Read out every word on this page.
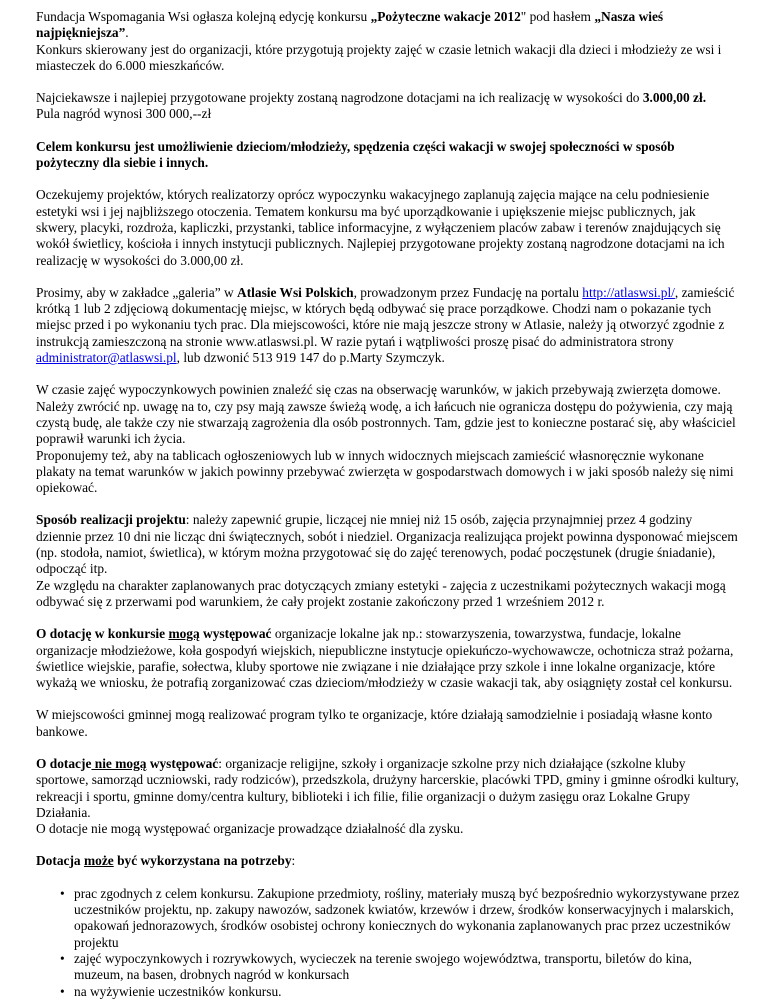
Fundacja Wspomagania Wsi ogłasza kolejną edycję konkursu „Pożyteczne wakacje 2012" pod hasłem „Nasza wieś najpiękniejsza”.
Konkurs skierowany jest do organizacji, które przygotują projekty zajęć w czasie letnich wakacji dla dzieci i młodzieży ze wsi i miasteczek do 6.000 mieszkańców.

Najciekawsze i najlepiej przygotowane projekty zostaną nagrodzone dotacjami na ich realizację w wysokości do 3.000,00 zł.
Pula nagród wynosi 300 000,--zł

Celem konkursu jest umożliwienie dzieciom/młodzieży, spędzenia części wakacji w swojej społeczności w sposób pożyteczny dla siebie i innych.

Oczekujemy projektów, których realizatorzy oprócz wypoczynku wakacyjnego zaplanują zajęcia mające na celu podniesienie estetyki wsi i jej najbliższego otoczenia. Tematem konkursu ma być uporządkowanie i upiększenie miejsc publicznych, jak skwery, placyki, rozdroża, kapliczki, przystanki, tablice informacyjne, z wyłączeniem placów zabaw i terenów znajdujących się wokół świetlicy, kościoła i innych instytucji publicznych. Najlepiej przygotowane projekty zostaną nagrodzone dotacjami na ich realizację w wysokości do 3.000,00 zł.

Prosimy, aby w zakładce „galeria” w Atlasie Wsi Polskich, prowadzonym przez Fundację na portalu http://atlaswsi.pl/, zamieścić krótką 1 lub 2 zdjęciową dokumentację miejsc, w których będą odbywać się prace porządkowe. Chodzi nam o pokazanie tych miejsc przed i po wykonaniu tych prac. Dla miejscowości, które nie mają jeszcze strony w Atlasie, należy ją otworzyć zgodnie z instrukcją zamieszczoną na stronie www.atlaswsi.pl. W razie pytań i wątpliwości proszę pisać do administratora strony administrator@atlaswsi.pl, lub dzwonić 513 919 147 do p.Marty Szymczyk.

W czasie zajęć wypoczynkowych powinien znaleźć się czas na obserwację warunków, w jakich przebywają zwierzęta domowe. Należy zwrócić np. uwagę na to, czy psy mają zawsze świeżą wodę, a ich łańcuch nie ogranicza dostępu do pożywienia, czy mają czystą budę, ale także czy nie stwarzają zagrożenia dla osób postronnych. Tam, gdzie jest to konieczne postarać się, aby właściciel poprawił warunki ich życia.
Proponujemy też, aby na tablicach ogłoszeniowych lub w innych widocznych miejscach zamieścić własnoręcznie wykonane plakaty na temat warunków w jakich powinny przebywać zwierzęta w gospodarstwach domowych i w jaki sposób należy się nimi opiekować.

Sposób realizacji projektu: należy zapewnić grupie, liczącej nie mniej niż 15 osób, zajęcia przynajmniej przez 4 godziny dziennie przez 10 dni nie licząc dni świątecznych, sobót i niedziel. Organizacja realizująca projekt powinna dysponować miejscem (np. stodoła, namiot, świetlica), w którym można przygotować się do zajęć terenowych, podać poczęstunek (drugie śniadanie), odpocząć itp.
Ze względu na charakter zaplanowanych prac dotyczących zmiany estetyki - zajęcia z uczestnikami pożytecznych wakacji mogą odbywać się z przerwami pod warunkiem, że cały projekt zostanie zakończony przed 1 wrześniem 2012 r.

O dotację w konkursie mogą występować organizacje lokalne jak np.: stowarzyszenia, towarzystwa, fundacje, lokalne organizacje młodzieżowe, koła gospodyń wiejskich, niepubliczne instytucje opiekuńczo-wychowawcze, ochotnicza straż pożarna, świetlice wiejskie, parafie, sołectwa, kluby sportowe nie związane i nie działające przy szkole i inne lokalne organizacje, które wykażą we wniosku, że potrafią zorganizować czas dzieciom/młodzieży w czasie wakacji tak, aby osiągnięty został cel konkursu.

W miejscowości gminnej mogą realizować program tylko te organizacje, które działają samodzielnie i posiadają własne konto bankowe.

O dotacje nie mogą występować: organizacje religijne, szkoły i organizacje szkolne przy nich działające (szkolne kluby sportowe, samorząd uczniowski, rady rodziców), przedszkola, drużyny harcerskie, placówki TPD, gminy i gminne ośrodki kultury, rekreacji i sportu, gminne domy/centra kultury, biblioteki i ich filie, filie organizacji o dużym zasięgu oraz Lokalne Grupy Działania.
O dotacje nie mogą występować organizacje prowadzące działalność dla zysku.

Dotacja może być wykorzystana na potrzeby:

• prac zgodnych z celem konkursu. Zakupione przedmioty, rośliny, materiały muszą być bezpośrednio wykorzystywane przez uczestników projektu, np. zakupy nawozów, sadzonek kwiatów, krzewów i drzew, środków konserwacyjnych i malarskich, opakowań jednorazowych, środków osobistej ochrony koniecznych do wykonania zaplanowanych prac przez uczestników projektu
• zajęć wypoczynkowych i rozrywkowych, wycieczek na terenie swojego województwa, transportu, biletów do kina, muzeum, na basen, drobnych nagród w konkursach
• na wyżywienie uczestników konkursu.
